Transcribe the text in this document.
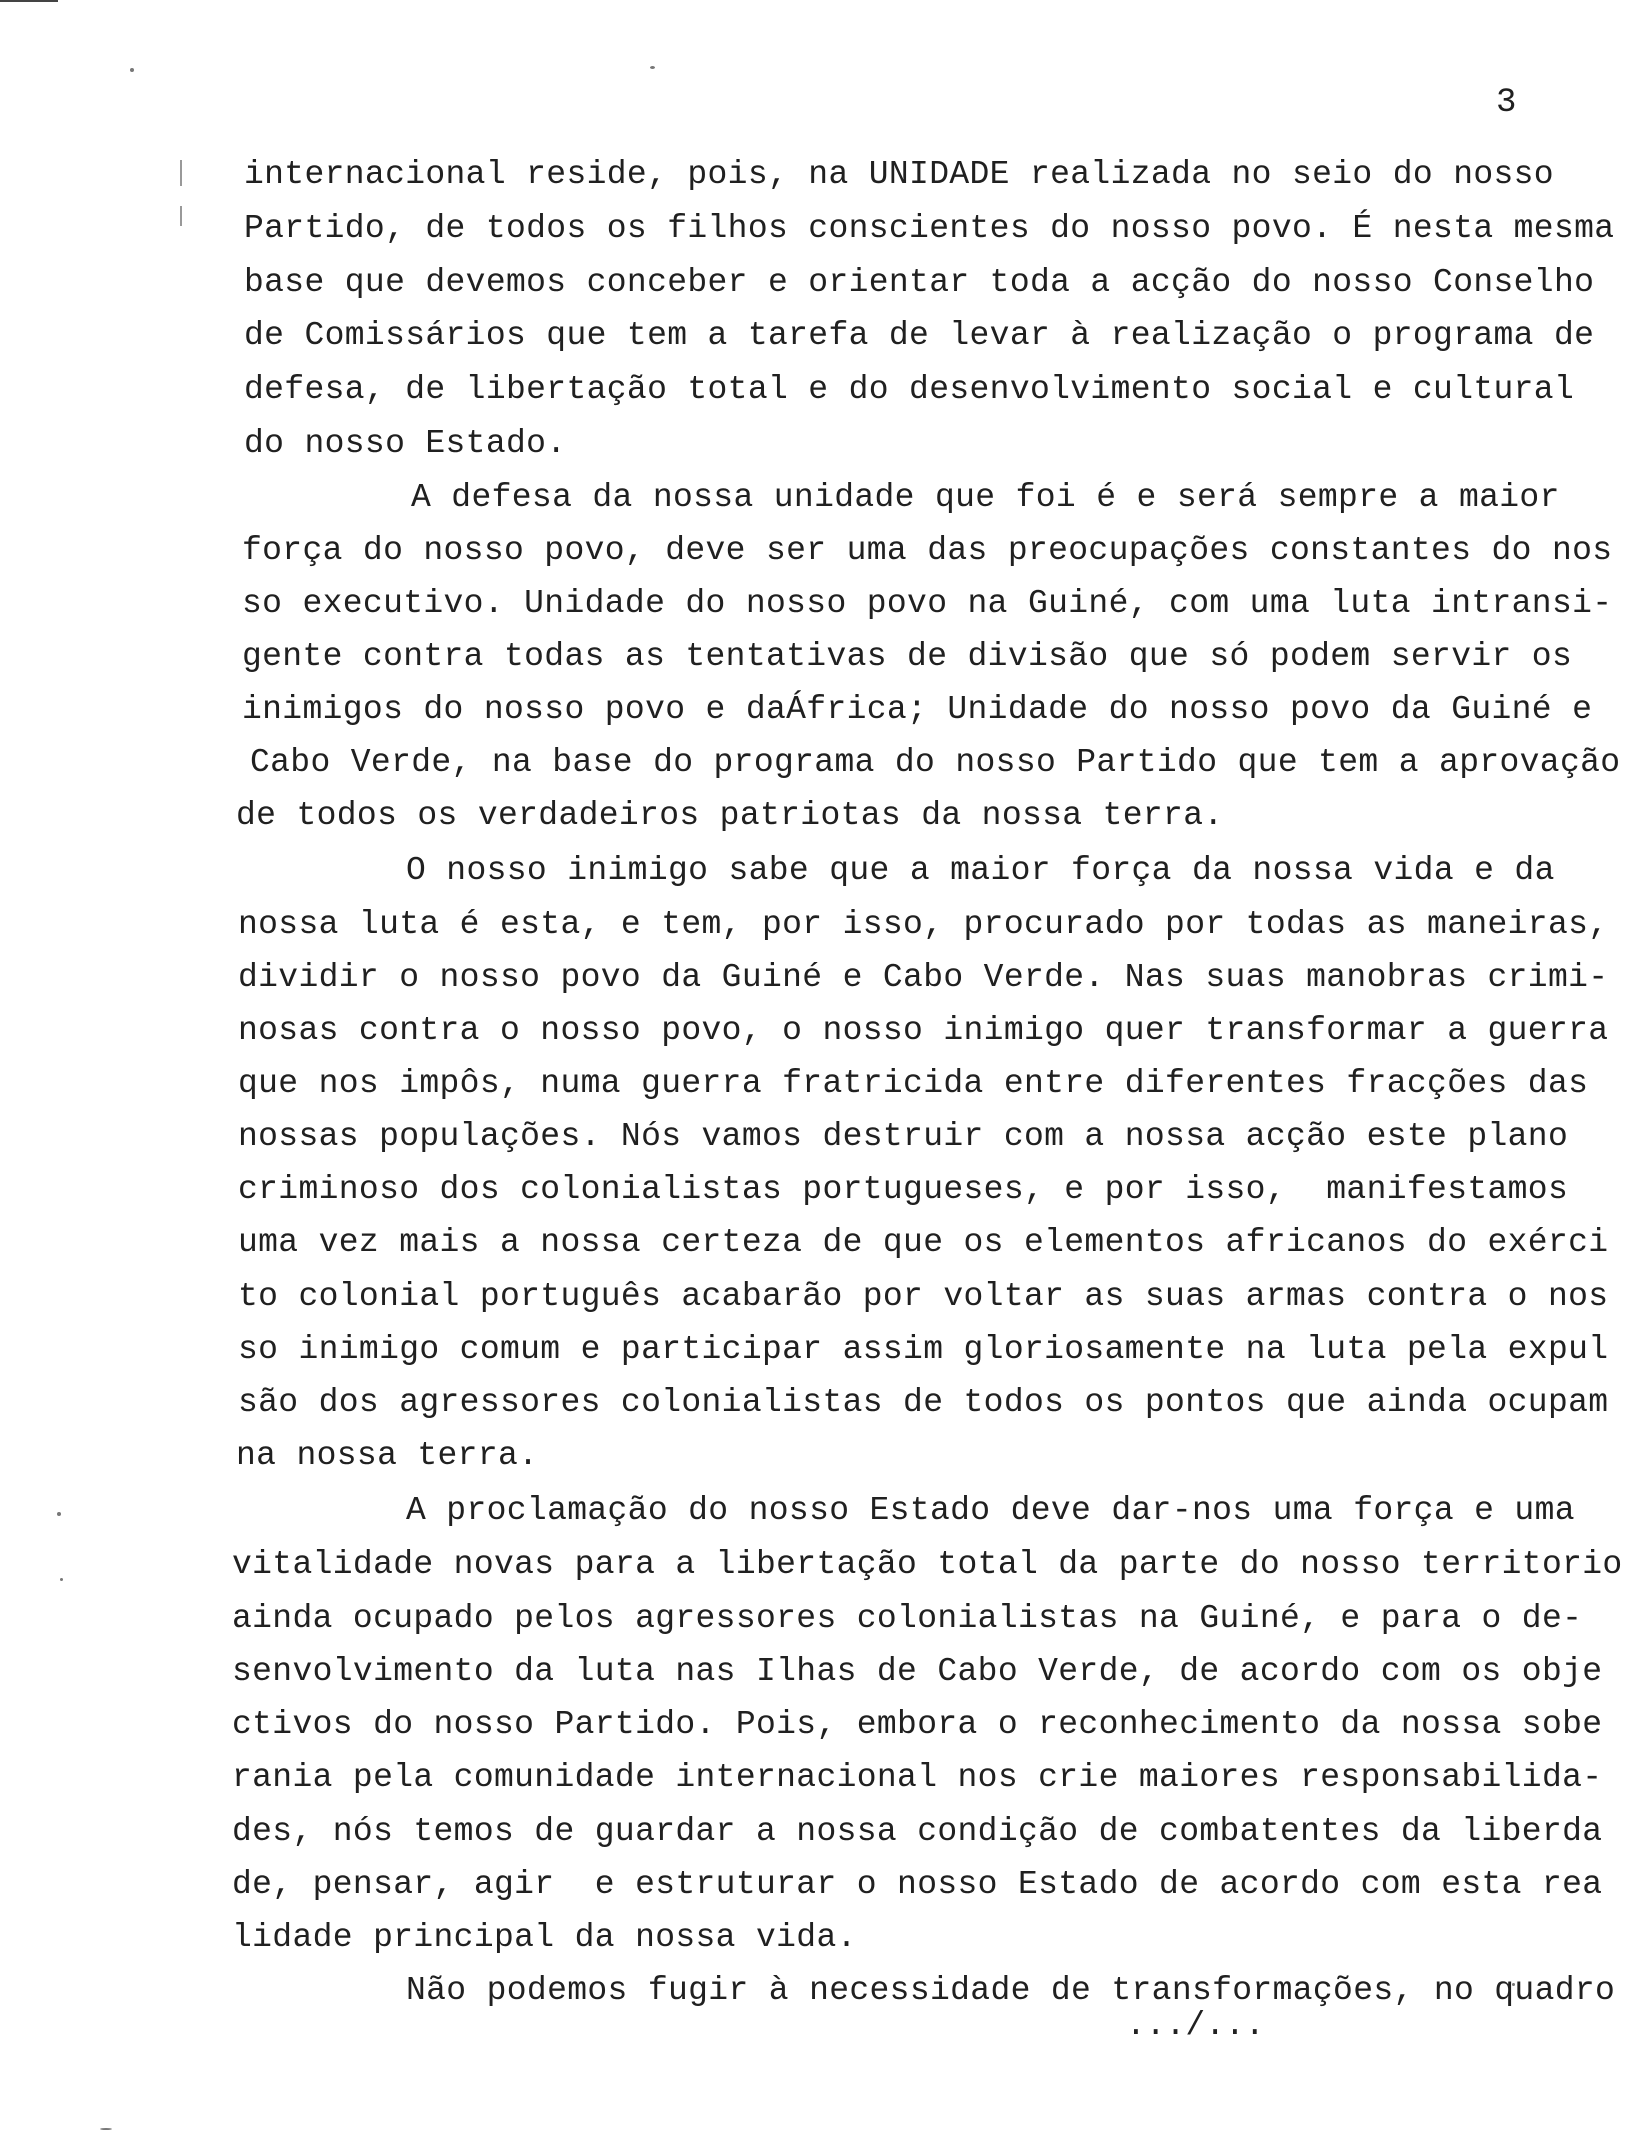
3
internacional reside, pois, na UNIDADE realizada no seio do nosso
Partido, de todos os filhos conscientes do nosso povo. É nesta mesma
base que devemos conceber e orientar toda a acção do nosso Conselho
de Comissários que tem a tarefa de levar à realização o programa de
defesa, de libertação total e do desenvolvimento social e cultural
do nosso Estado.
A defesa da nossa unidade que foi é e será sempre a maior
força do nosso povo, deve ser uma das preocupações constantes do nos
so executivo. Unidade do nosso povo na Guiné, com uma luta intransi-
gente contra todas as tentativas de divisão que só podem servir os
inimigos do nosso povo e daÁfrica; Unidade do nosso povo da Guiné e
Cabo Verde, na base do programa do nosso Partido que tem a aprovação
de todos os verdadeiros patriotas da nossa terra.
O nosso inimigo sabe que a maior força da nossa vida e da
nossa luta é esta, e tem, por isso, procurado por todas as maneiras,
dividir o nosso povo da Guiné e Cabo Verde. Nas suas manobras crimi-
nosas contra o nosso povo, o nosso inimigo quer transformar a guerra
que nos impôs, numa guerra fratricida entre diferentes fracções das
nossas populações. Nós vamos destruir com a nossa acção este plano
criminoso dos colonialistas portugueses, e por isso,  manifestamos
uma vez mais a nossa certeza de que os elementos africanos do exérci
to colonial português acabarão por voltar as suas armas contra o nos
so inimigo comum e participar assim gloriosamente na luta pela expul
são dos agressores colonialistas de todos os pontos que ainda ocupam
na nossa terra.
A proclamação do nosso Estado deve dar-nos uma força e uma
vitalidade novas para a libertação total da parte do nosso territorio
ainda ocupado pelos agressores colonialistas na Guiné, e para o de-
senvolvimento da luta nas Ilhas de Cabo Verde, de acordo com os obje
ctivos do nosso Partido. Pois, embora o reconhecimento da nossa sobe
rania pela comunidade internacional nos crie maiores responsabilida-
des, nós temos de guardar a nossa condição de combatentes da liberda
de, pensar, agir  e estruturar o nosso Estado de acordo com esta rea
lidade principal da nossa vida.
Não podemos fugir à necessidade de transformações, no quadro
.../...
